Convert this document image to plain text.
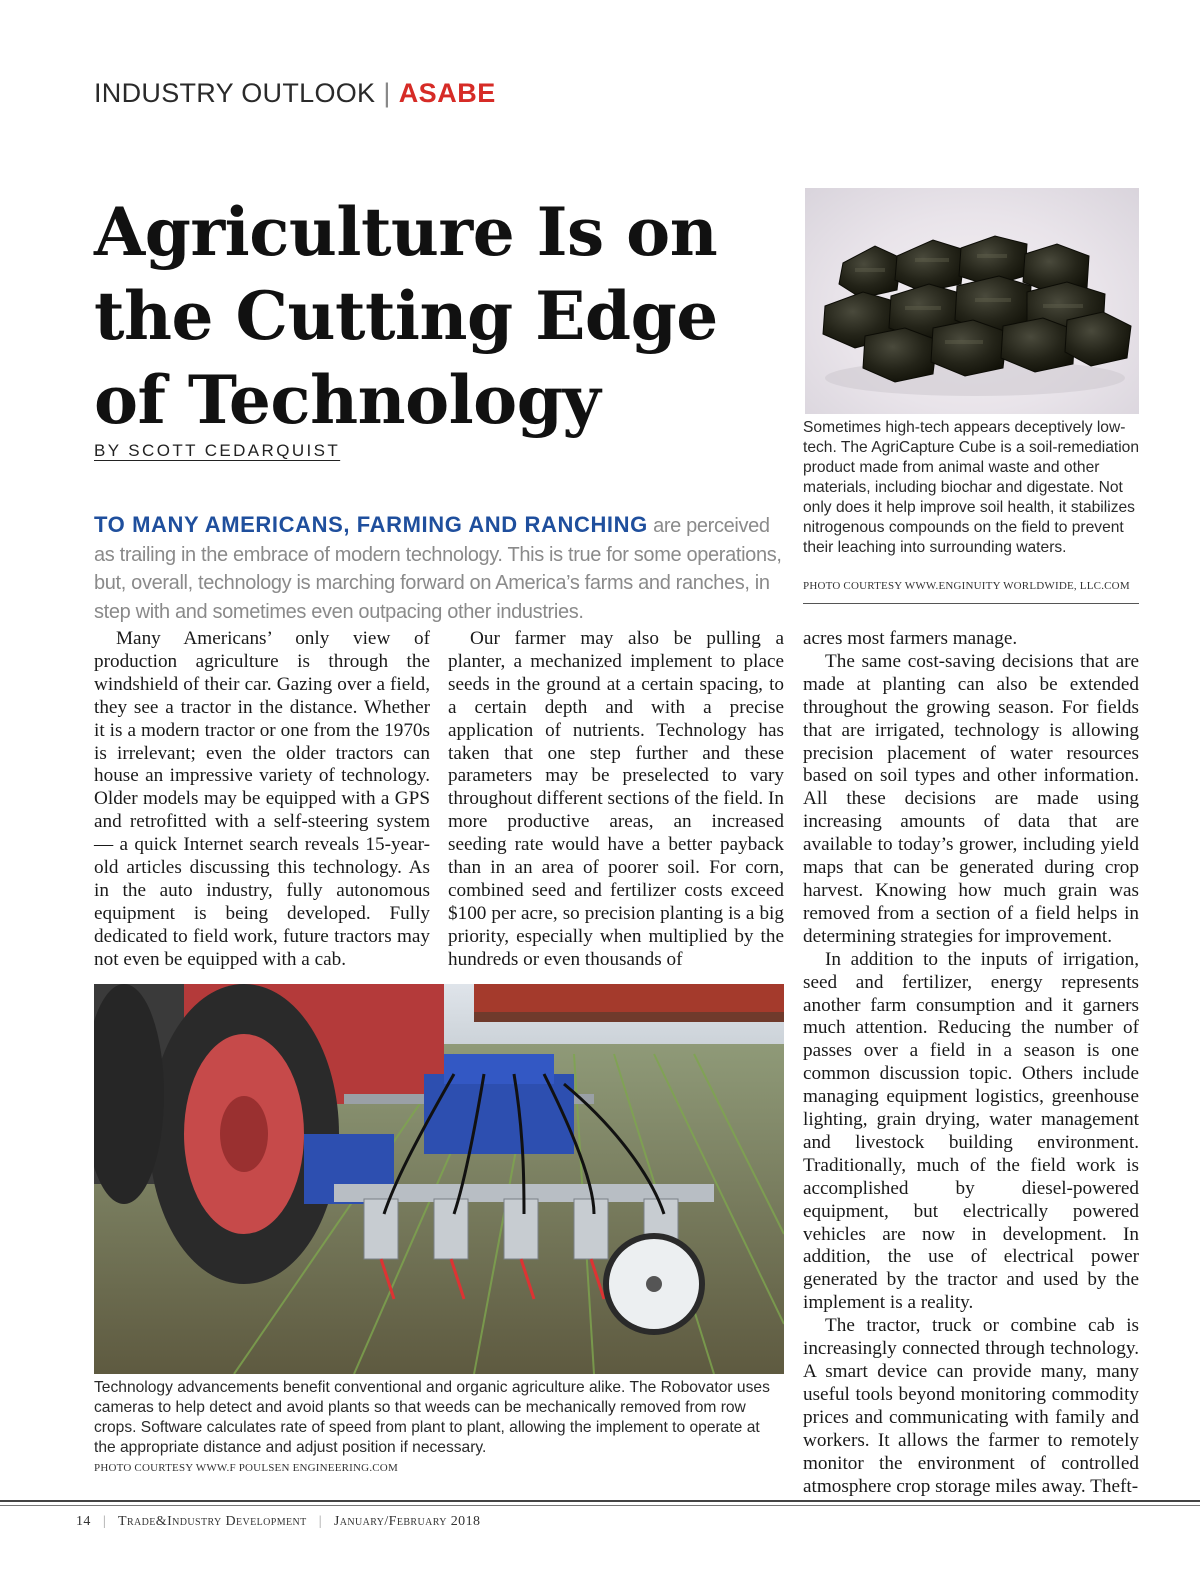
INDUSTRY OUTLOOK | ASABE
Agriculture Is on the Cutting Edge of Technology
BY SCOTT CEDARQUIST

TO MANY AMERICANS, FARMING AND RANCHING are perceived as trailing in the embrace of modern technology. This is true for some operations, but, overall, technology is marching forward on America’s farms and ranches, in step with and sometimes even outpacing other industries.

Sometimes high-tech appears deceptively low-tech. The AgriCapture Cube is a soil-remediation product made from animal waste and other materials, including biochar and digestate. Not only does it help improve soil health, it stabilizes nitrogenous compounds on the field to prevent their leaching into surrounding waters.

PHOTO COURTESY WWW.ENGINUITY WORLDWIDE, LLC.COM

Many Americans’ only view of production agriculture is through the windshield of their car. Gazing over a field, they see a tractor in the distance. Whether it is a modern tractor or one from the 1970s is irrelevant; even the older tractors can house an impressive variety of technology. Older models may be equipped with a GPS and retrofitted with a self-steering system — a quick Internet search reveals 15-year-old articles discussing this technology. As in the auto industry, fully autonomous equipment is being developed. Fully dedicated to field work, future tractors may not even be equipped with a cab.

Our farmer may also be pulling a planter, a mechanized implement to place seeds in the ground at a certain spacing, to a certain depth and with a precise application of nutrients. Technology has taken that one step further and these parameters may be preselected to vary throughout different sections of the field. In more productive areas, an increased seeding rate would have a better payback than in an area of poorer soil. For corn, combined seed and fertilizer costs exceed $100 per acre, so precision planting is a big priority, especially when multiplied by the hundreds or even thousands of

acres most farmers manage.

The same cost-saving decisions that are made at planting can also be extended throughout the growing season. For fields that are irrigated, technology is allowing precision placement of water resources based on soil types and other information. All these decisions are made using increasing amounts of data that are available to today’s grower, including yield maps that can be generated during crop harvest. Knowing how much grain was removed from a section of a field helps in determining strategies for improvement.

In addition to the inputs of irrigation, seed and fertilizer, energy represents another farm consumption and it garners much attention. Reducing the number of passes over a field in a season is one common discussion topic. Others include managing equipment logistics, greenhouse lighting, grain drying, water management and livestock building environment. Traditionally, much of the field work is accomplished by diesel-powered equipment, but electrically powered vehicles are now in development. In addition, the use of electrical power generated by the tractor and used by the implement is a reality.

The tractor, truck or combine cab is increasingly connected through technology. A smart device can provide many, many useful tools beyond monitoring commodity prices and communicating with family and workers. It allows the farmer to remotely monitor the environment of controlled atmosphere crop storage miles away. Theft-

Technology advancements benefit conventional and organic agriculture alike. The Robovator uses cameras to help detect and avoid plants so that weeds can be mechanically removed from row crops. Software calculates rate of speed from plant to plant, allowing the implement to operate at the appropriate distance and adjust position if necessary.

PHOTO COURTESY WWW.F POULSEN ENGINEERING.COM
14 | Trade&Industry Development | January/February 2018
